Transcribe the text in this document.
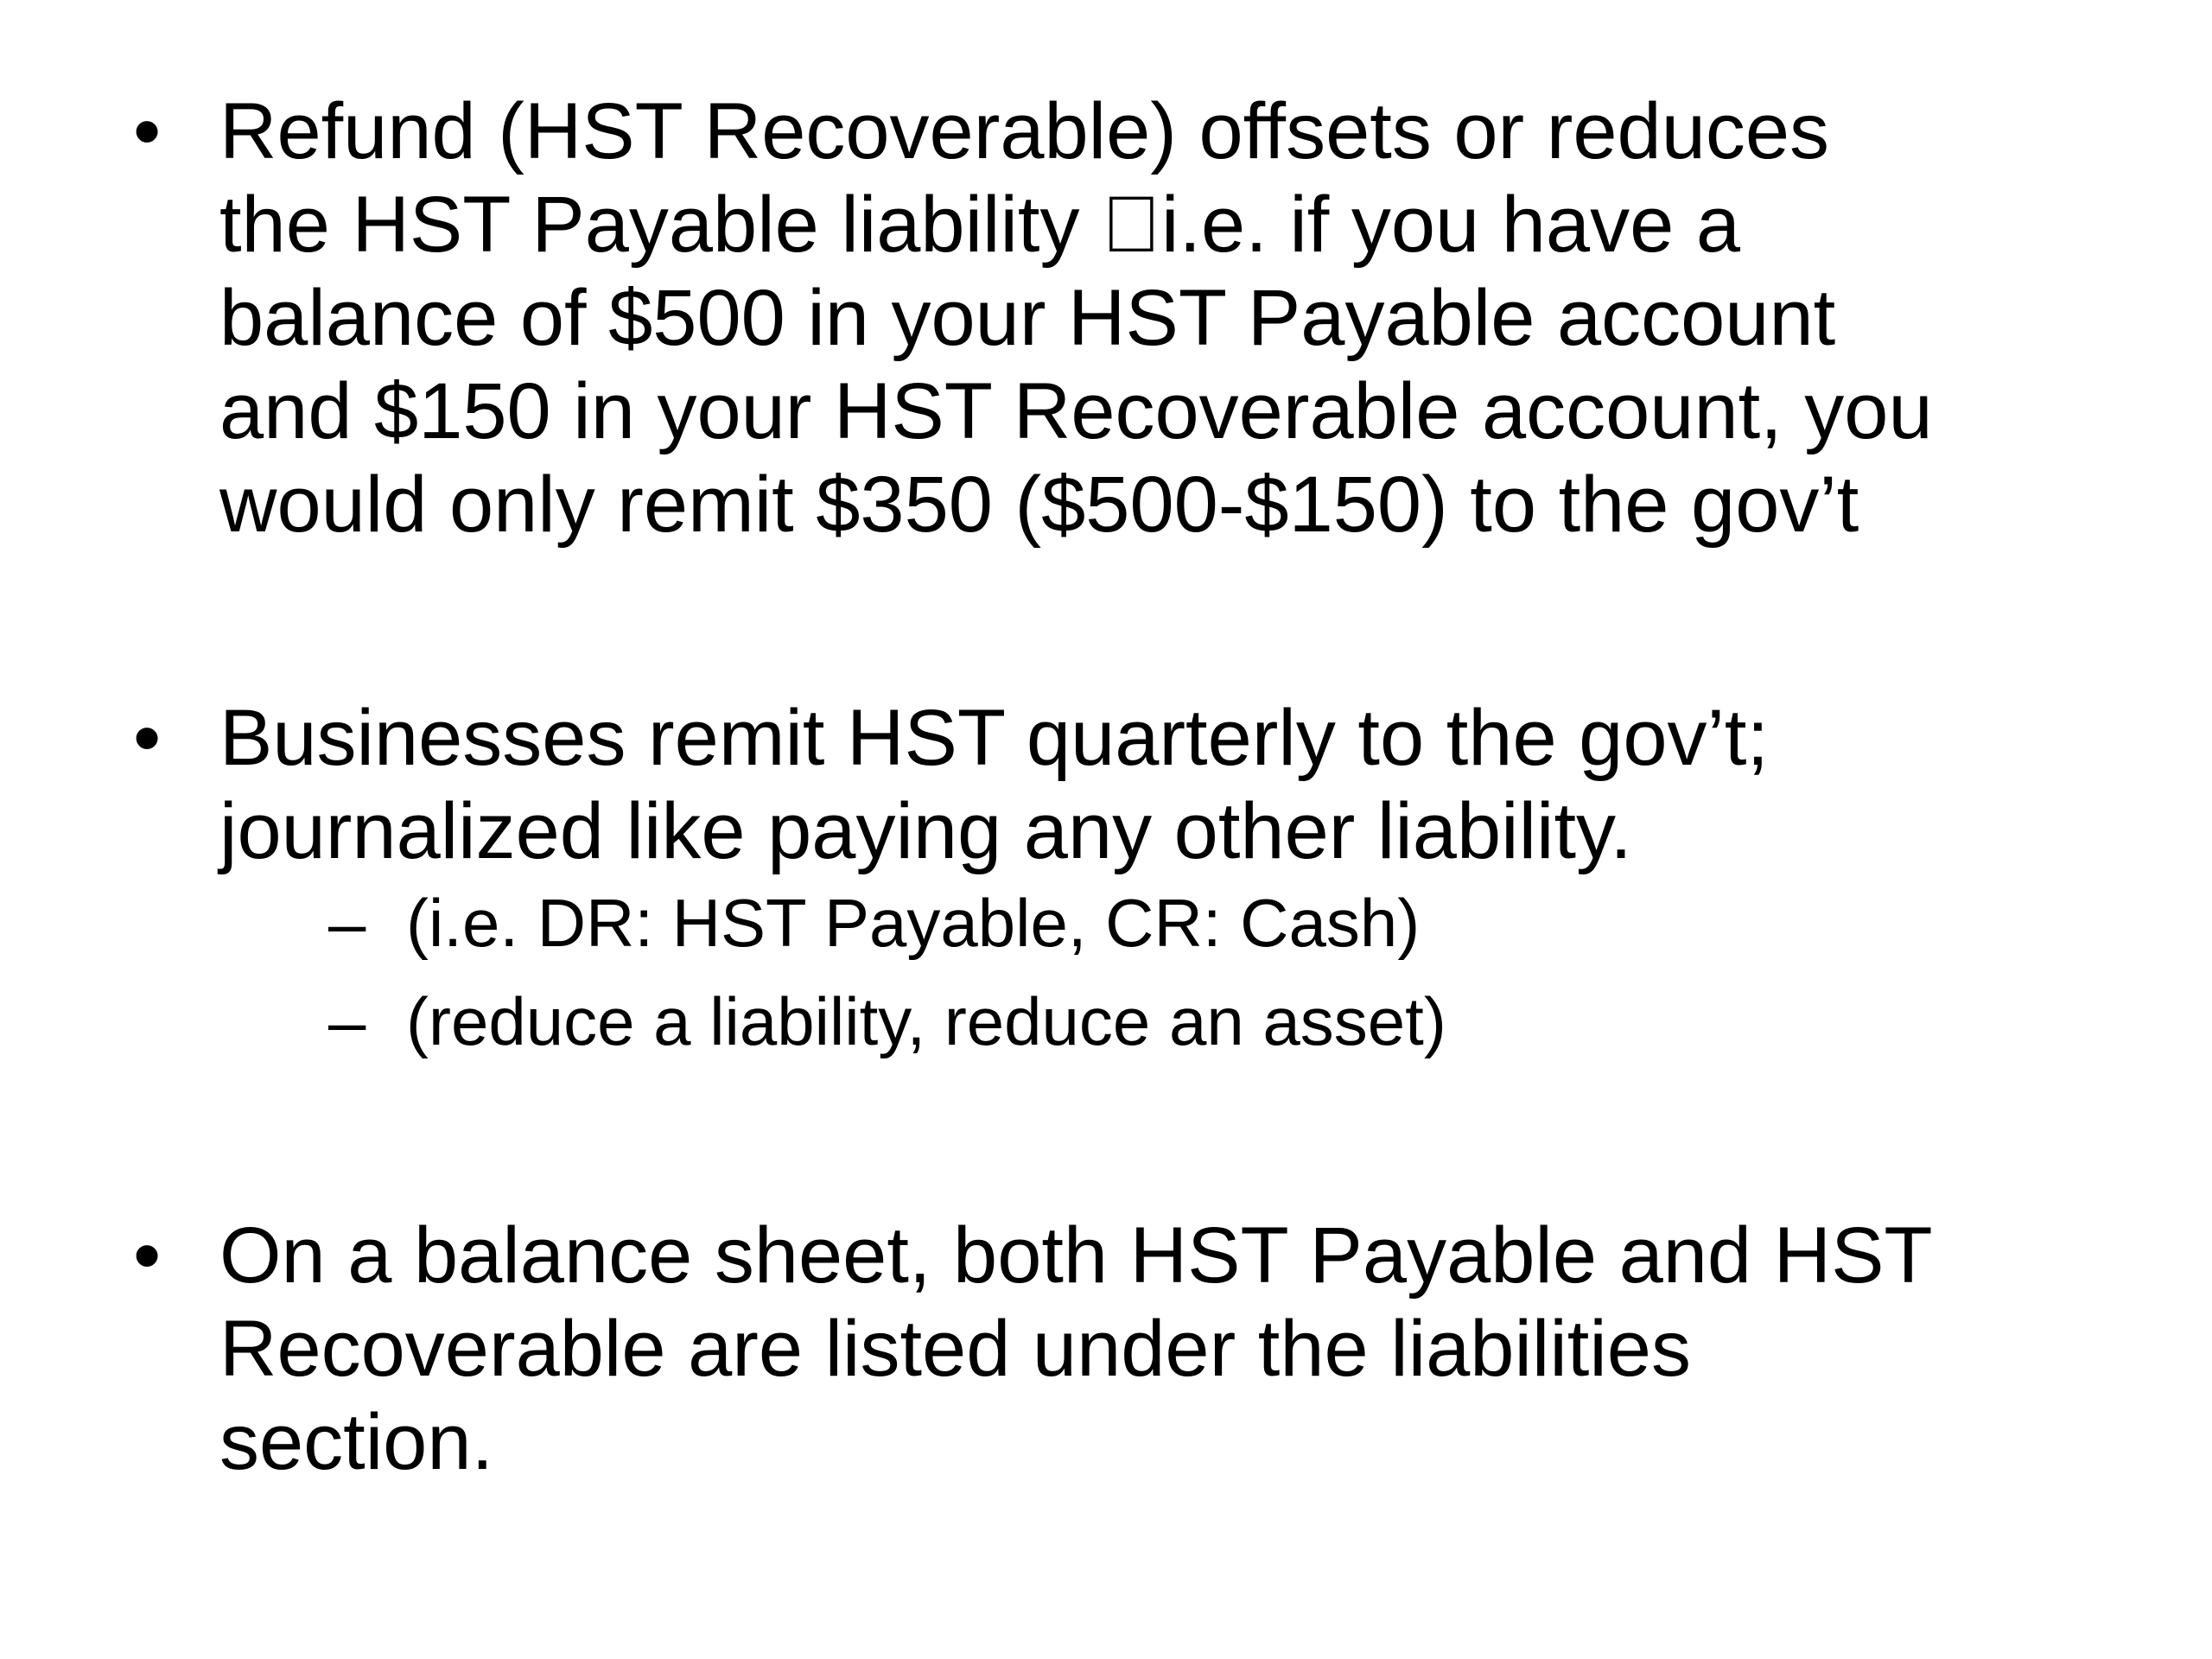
• Refund (HST Recoverable) offsets or reduces
the HST Payable liability i.e. if you have a
balance of $500 in your HST Payable account
and $150 in your HST Recoverable account, you
would only remit $350 ($500-$150) to the gov’t
• Businesses remit HST quarterly to the gov’t;
journalized like paying any other liability.
– (i.e. DR: HST Payable, CR: Cash)
– (reduce a liability, reduce an asset)
• On a balance sheet, both HST Payable and HST
Recoverable are listed under the liabilities
section.
